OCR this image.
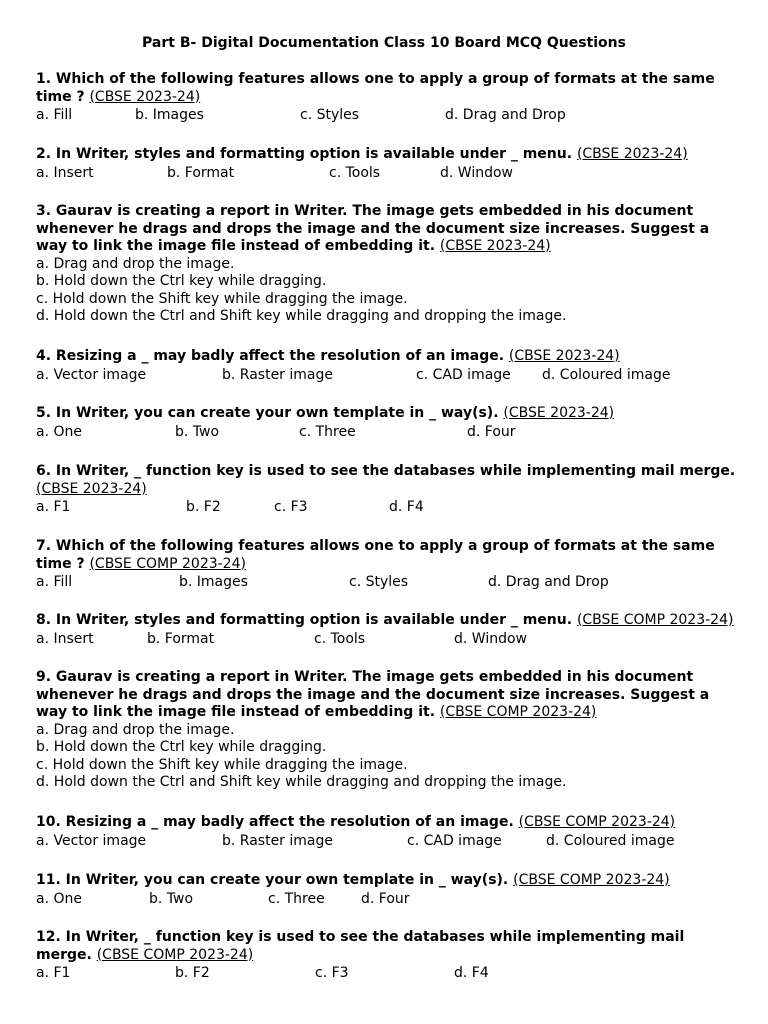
Part B- Digital Documentation Class 10 Board MCQ Questions

1. Which of the following features allows one to apply a group of formats at the same time ? (CBSE 2023-24)

a. Fill	b. Images	c. Styles	d. Drag and Drop

2. In Writer, styles and formatting option is available under _ menu. (CBSE 2023-24)

a. Insert	b. Format	c. Tools	d. Window

3. Gaurav is creating a report in Writer. The image gets embedded in his document whenever he drags and drops the image and the document size increases. Suggest a way to link the image file instead of embedding it. (CBSE 2023-24)

a. Drag and drop the image.
b. Hold down the Ctrl key while dragging.
c. Hold down the Shift key while dragging the image.
d. Hold down the Ctrl and Shift key while dragging and dropping the image.

4. Resizing a _ may badly affect the resolution of an image. (CBSE 2023-24)

a. Vector image	b. Raster image	c. CAD image d. Coloured image

5. In Writer, you can create your own template in _ way(s). (CBSE 2023-24)

a. One	b. Two	c. Three	d. Four

6. In Writer, _ function key is used to see the databases while implementing mail merge. (CBSE 2023-24)

a. F1	b. F2	c. F3	d. F4

7. Which of the following features allows one to apply a group of formats at the same time ? (CBSE COMP 2023-24)

a. Fill	b. Images	c. Styles	d. Drag and Drop

8. In Writer, styles and formatting option is available under _ menu. (CBSE COMP 2023-24)

a. Insert	b. Format	c. Tools	d. Window

9. Gaurav is creating a report in Writer. The image gets embedded in his document whenever he drags and drops the image and the document size increases. Suggest a way to link the image file instead of embedding it. (CBSE COMP 2023-24)

a. Drag and drop the image.
b. Hold down the Ctrl key while dragging.
c. Hold down the Shift key while dragging the image.
d. Hold down the Ctrl and Shift key while dragging and dropping the image.

10. Resizing a _ may badly affect the resolution of an image. (CBSE COMP 2023-24)

a. Vector image	b. Raster image	c. CAD image	d. Coloured image

11. In Writer, you can create your own template in _ way(s). (CBSE COMP 2023-24)

a. One	b. Two	c. Three	d. Four

12. In Writer, _ function key is used to see the databases while implementing mail merge. (CBSE COMP 2023-24)

a. F1	b. F2	c. F3	d. F4
